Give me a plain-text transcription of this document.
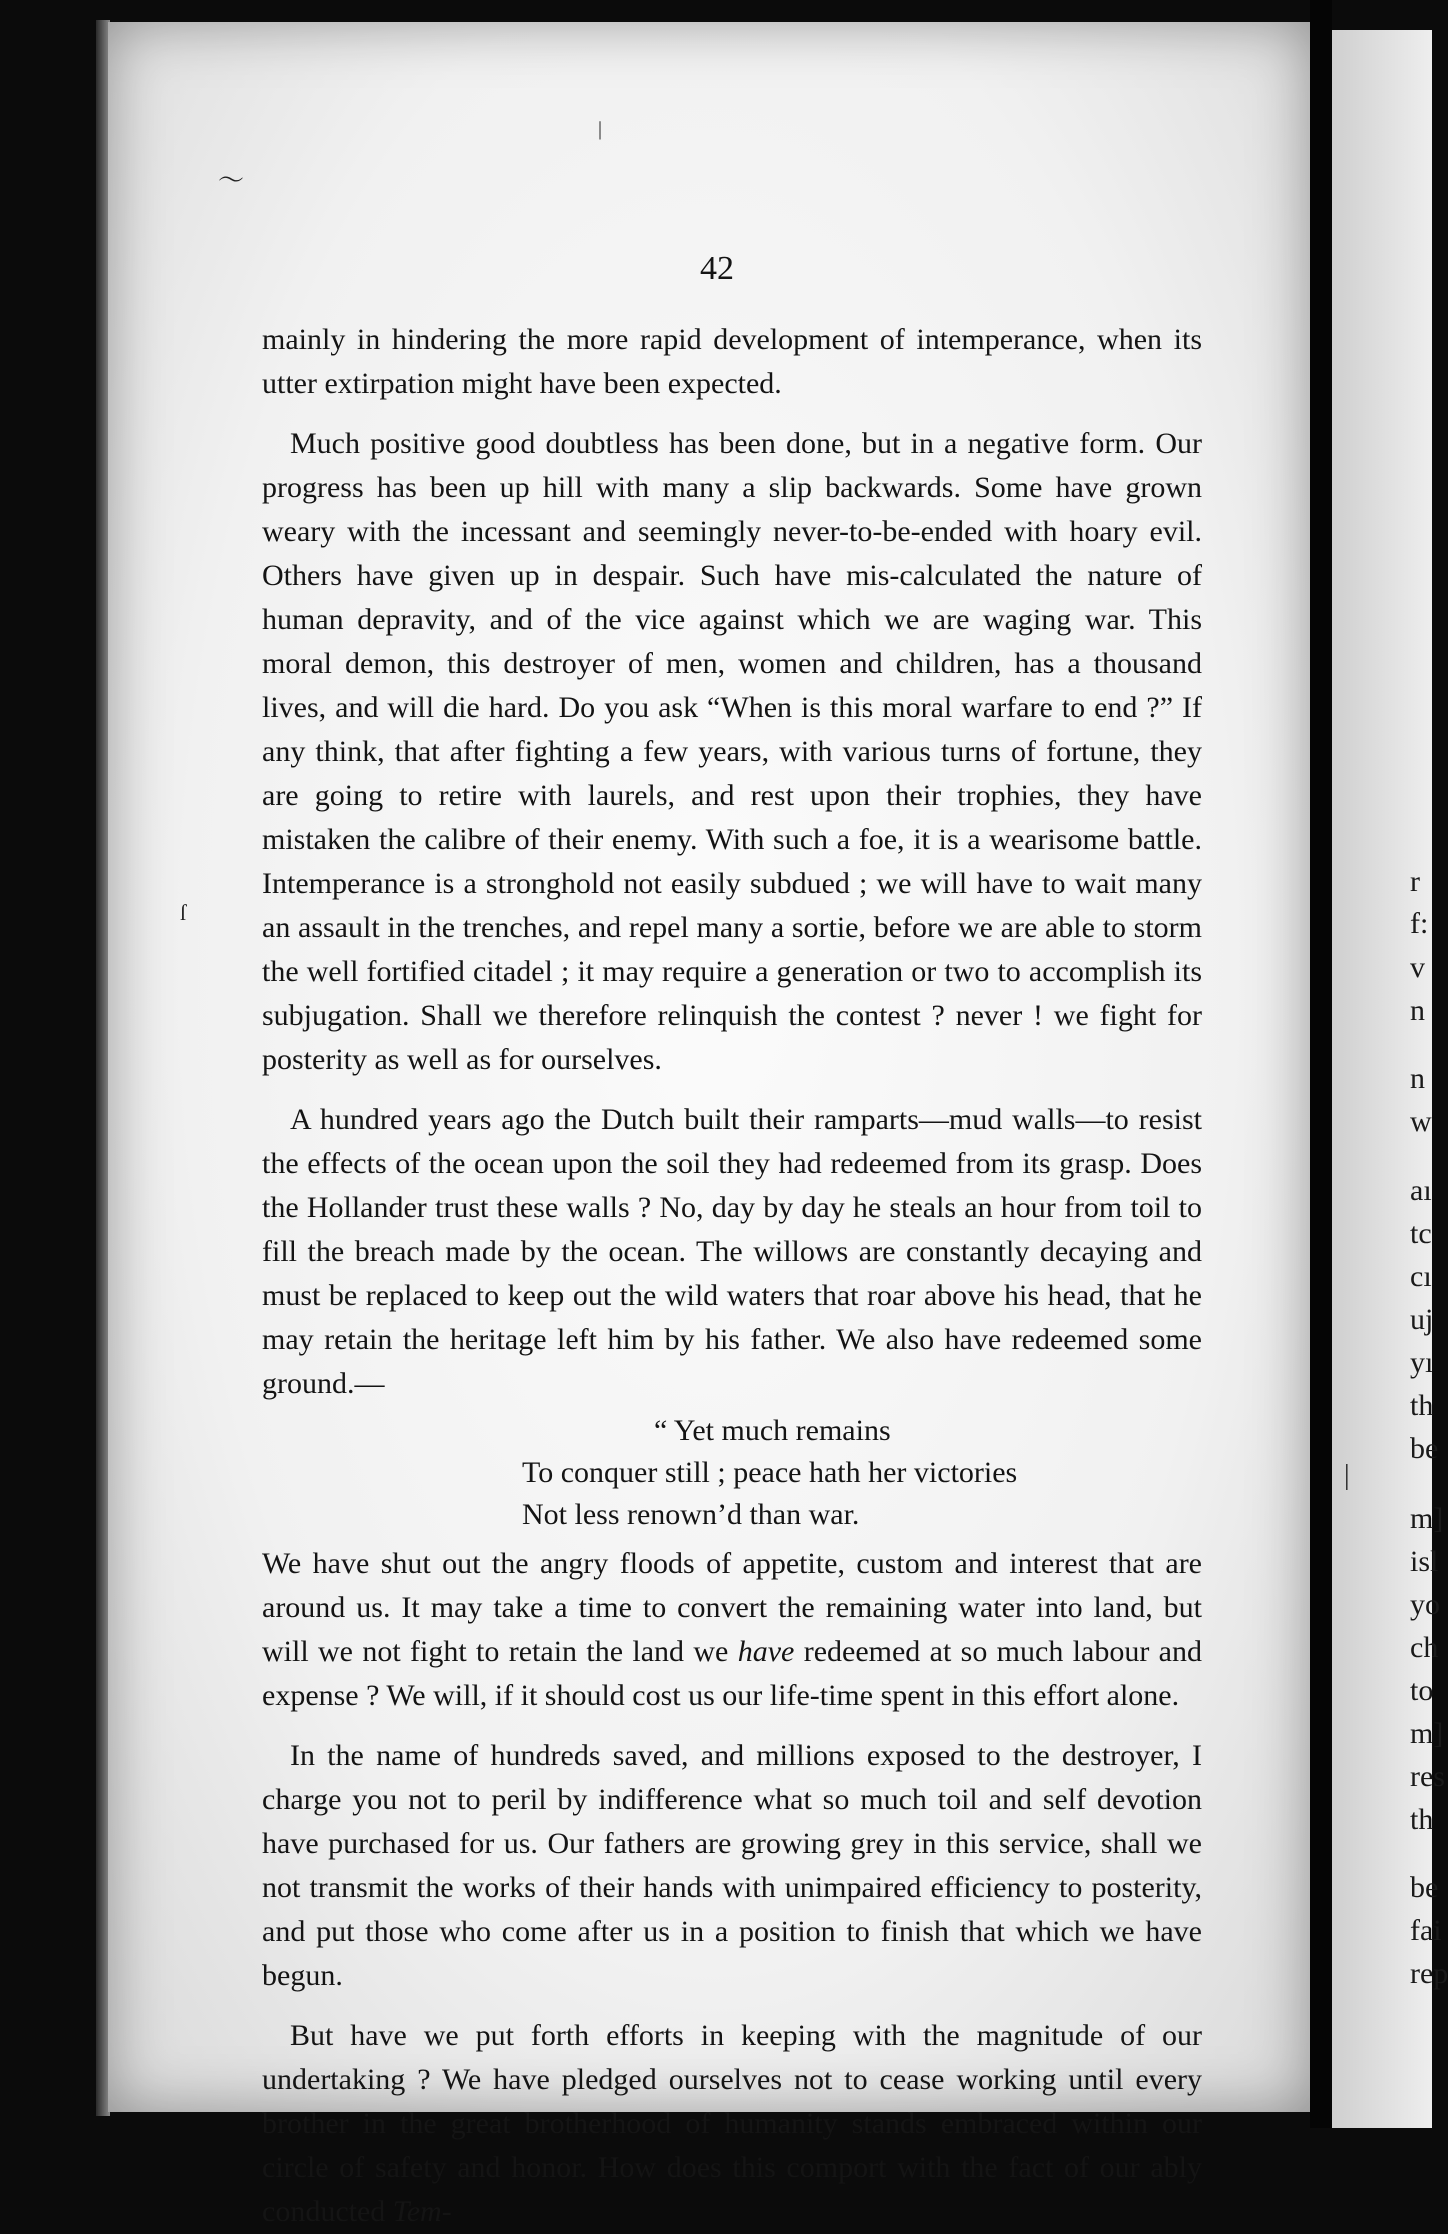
r
f:
v
n
n
w
aı
tc
cı
uj
yı
th
be
m]
isl
yo
ch
to
m]
res
th
be
fai
rep
〜
|
ſ
|
42

mainly in hindering the more rapid development of intemperance, when its utter extirpation might have been expected.

Much positive good doubtless has been done, but in a negative form. Our progress has been up hill with many a slip backwards. Some have grown weary with the incessant and seemingly never-to-be-ended with hoary evil. Others have given up in despair. Such have mis-calculated the nature of human depravity, and of the vice against which we are waging war. This moral demon, this destroyer of men, women and children, has a thousand lives, and will die hard. Do you ask “When is this moral warfare to end ?” If any think, that after fighting a few years, with various turns of fortune, they are going to retire with laurels, and rest upon their trophies, they have mistaken the calibre of their enemy. With such a foe, it is a wearisome battle. Intemperance is a stronghold not easily subdued ; we will have to wait many an assault in the trenches, and repel many a sortie, before we are able to storm the well fortified citadel ; it may require a generation or two to accomplish its subjugation. Shall we therefore relinquish the contest ? never ! we fight for posterity as well as for ourselves.

A hundred years ago the Dutch built their ramparts—mud walls—to resist the effects of the ocean upon the soil they had redeemed from its grasp. Does the Hollander trust these walls ? No, day by day he steals an hour from toil to fill the breach made by the ocean. The willows are constantly decaying and must be replaced to keep out the wild waters that roar above his head, that he may retain the heritage left him by his father. We also have redeemed some ground.—

“ Yet much remains
To conquer still ; peace hath her victories
Not less renown’d than war.

We have shut out the angry floods of appetite, custom and interest that are around us. It may take a time to convert the remaining water into land, but will we not fight to retain the land we have redeemed at so much labour and expense ? We will, if it should cost us our life-time spent in this effort alone.

In the name of hundreds saved, and millions exposed to the destroyer, I charge you not to peril by indifference what so much toil and self devotion have purchased for us. Our fathers are growing grey in this service, shall we not transmit the works of their hands with unimpaired efficiency to posterity, and put those who come after us in a position to finish that which we have begun.

But have we put forth efforts in keeping with the magnitude of our undertaking ? We have pledged ourselves not to cease working until every brother in the great brotherhood of humanity stands embraced within our circle of safety and honor. How does this comport with the fact of our ably conducted Tem-
